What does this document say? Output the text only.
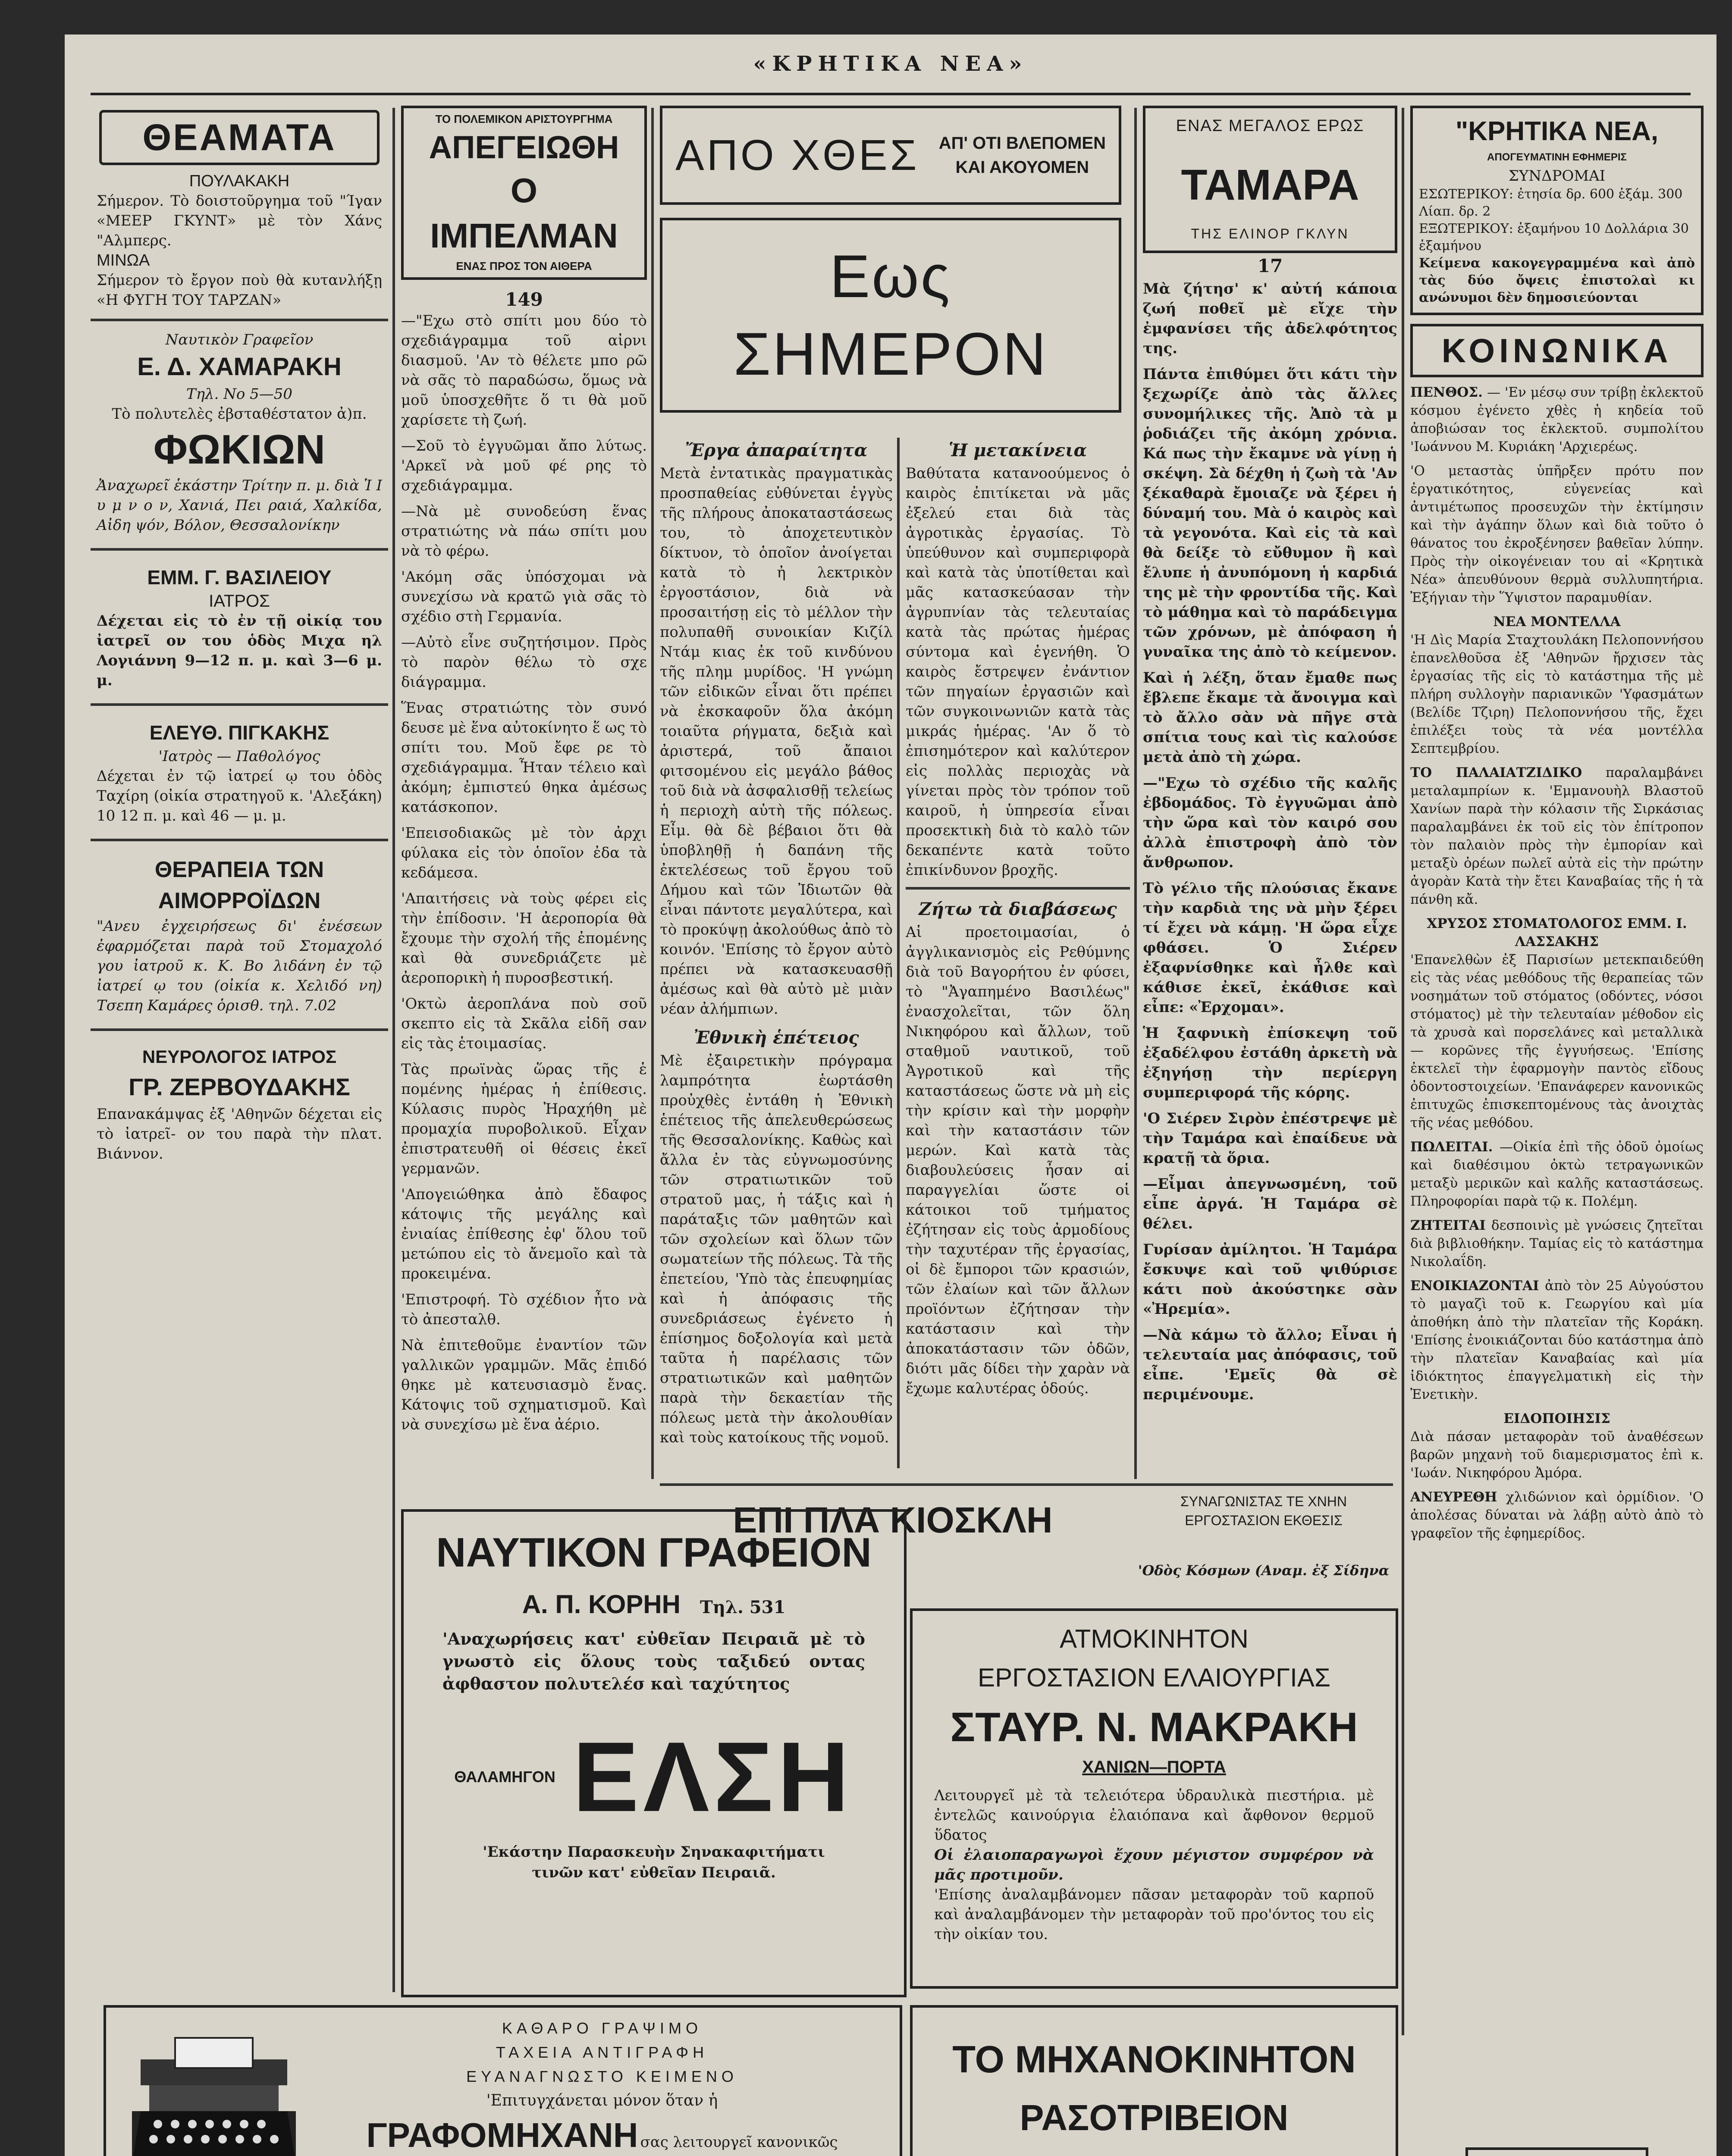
«ΚΡΗΤΙΚΑ ΝΕΑ»
ΘΕΑΜΑΤΑ
ΠΟΥΛΑΚΑΚΗ
Σήμερον. Τὸ δοιστοῦργημα τοῦ "Ίγαν «ΜΕΕΡ ΓΚΥΝΤ» μὲ τὸν Χάνς "Αλμπερς.
ΜΙΝΩΑ
Σήμερον τὸ ἔργον ποὺ θὰ κυτανλήξῃ «Η ΦΥΓΗ ΤΟΥ ΤΑΡΖΑΝ»
Ναυτικὸν Γραφεῖον
Ε. Δ. ΧΑΜΑΡΑΚΗ
Τηλ. Νο 5—50
Τὸ πολυτελὲς ἐβσταθέστατον ἀ)π.
ΦΩΚΙΩΝ
Ἀναχωρεῖ ἑκάστην Τρίτην π. μ. διὰ Ἱ Ι υ μ ν ο ν, Χανιά, Πει ραιά, Χαλκίδα, Αἰδη ψόν, Βόλον, Θεσσαλονίκην
ΕΜΜ. Γ. ΒΑΣΙΛΕΙΟΥ
ΙΑΤΡΟΣ
Δέχεται εἰς τὸ ἐν τῇ οἰκίᾳ του ἰατρεῖ ον του ὁδὸς Μιχα ηλ Λογιάννη 9—12 π. μ. καὶ 3—6 μ. μ.
ΕΛΕΥΘ. ΠΙΓΚΑΚΗΣ
'Ιατρὸς — Παθολόγος
Δέχεται ἐν τῷ ἰατρεί ῳ του ὁδὸς Ταχίρη (οἰκία στρατηγοῦ κ. 'Αλεξάκη) 10 12 π. μ. καὶ 46 — μ. μ.
ΘΕΡΑΠΕΙΑ ΤΩΝ ΑΙΜΟΡΡΟΪΔΩΝ
"Ανευ ἐγχειρήσεως δι' ἐνέσεων ἐφαρμόζεται παρὰ τοῦ Στομαχολό γου ἰατροῦ κ. Κ. Βο λιδάνη ἐν τῷ ἰατρεί ῳ του (οἰκία κ. Χελιδό νη) Τσεπη Καμάρες ὁρισθ. τηλ. 7.02
ΝΕΥΡΟΛΟΓΟΣ ΙΑΤΡΟΣ
ΓΡ. ΖΕΡΒΟΥΔΑΚΗΣ
Επανακάμψας ἐξ 'Αθηνῶν δέχεται εἰς τὸ ἰατρεῖ- ον του παρὰ τὴν πλατ. Βιάννον.
ΤΟ ΠΟΛΕΜΙΚΟΝ ΑΡΙΣΤΟΥΡΓΗΜΑ
ΑΠΕΓΕΙΩΘΗ
Ο
ΙΜΠΕΛΜΑΝ
ΕΝΑΣ ΠΡΟΣ ΤΟΝ ΑΙΘΕΡΑ
149

—"Εχω στὸ σπίτι μου δύο τὸ σχεδιάγραμμα τοῦ αἰρνι διασμοῦ. 'Αν τὸ θέλετε μπο ρῶ νὰ σᾶς τὸ παραδώσω, ὅμως νὰ μοῦ ὑποσχεθῆτε ὅ τι θὰ μοῦ χαρίσετε τὴ ζωή.

—Σοῦ τὸ ἐγγυῶμαι ἄπο λύτως. 'Αρκεῖ νὰ μοῦ φέ ρης τὸ σχεδιάγραμμα.

—Νὰ μὲ συνοδεύση ἕνας στρατιώτης νὰ πάω σπίτι μου νὰ τὸ φέρω.

'Ακόμη σᾶς ὑπόσχομαι νὰ συνεχίσω νὰ κρατῶ γιὰ σᾶς τὸ σχέδιο στὴ Γερμανία.

—Αὐτὸ εἶνε συζητήσιμον. Πρὸς τὸ παρὸν θέλω τὸ σχε διάγραμμα.

Ἕνας στρατιώτης τὸν συνό δευσε μὲ ἕνα αὐτοκίνητο ἕ ως τὸ σπίτι του. Μοῦ ἔφε ρε τὸ σχεδιάγραμμα. Ἦταν τέλειο καὶ ἀκόμη; ἐμπιστεύ θηκα ἀμέσως κατάσκοπον.

'Επεισοδιακῶς μὲ τὸν ἀρχι φύλακα εἰς τὸν ὁποῖον ἐδα τὰ κεδάμεσα.

'Απαιτήσεις νὰ τοὺς φέρει εἰς τὴν ἐπίδοσιν. 'Η ἀεροπορία θὰ ἔχουμε τὴν σχολή τῆς ἐπομένης καὶ θὰ συνεδριάζετε μὲ ἀεροπορικὴ ἡ πυροσβεστική.

'Οκτὼ ἀεροπλάνα ποὺ σοῦ σκεπτο εἰς τὰ Σκᾶλα εἰδῆ σαν εἰς τὰς ἑτοιμασίας.

Τὰς πρωϊνὰς ὥρας τῆς ἑ πομένης ἡμέρας ἡ ἐπίθεσις. Κύλασις πυρὸς Ἠραχήθη μὲ προμαχία πυροβολικοῦ. Εἶχαν ἐπιστρατευθῆ οἱ θέσεις ἐκεῖ γερμανῶν.

'Απογειώθηκα ἀπὸ ἔδαφος κάτοψις τῆς μεγάλης καὶ ἐνιαίας ἐπίθεσης ἐφ' ὅλου τοῦ μετώπου εἰς τὸ ἄνεμοῖο καὶ τὰ προκειμένα.

'Επιστροφή. Τὸ σχέδιον ἦτο νὰ τὸ ἀπεσταλθ.

Νὰ ἐπιτεθοῦμε ἐναντίον τῶν γαλλικῶν γραμμῶν. Μᾶς ἐπιδό θηκε μὲ κατευσιασμὸ ἔνας. Κάτοψις τοῦ σχηματισμοῦ. Καὶ νὰ συνεχίσω μὲ ἕνα ἀέριο.

ΑΠΟ ΧΘΕΣ ΑΠ' ΟΤΙ ΒΛΕΠΟΜΕΝ
ΚΑΙ ΑΚΟΥΟΜΕΝ
Εως ΣΗΜΕΡΟΝ
Ἔργα ἀπαραίτητα
Μετὰ ἐντατικὰς πραγματικὰς προσπαθείας εὐθύνεται ἐγγὺς τῆς πλήρους ἀποκαταστάσεως του, τὸ ἀποχετευτικὸν δίκτυον, τὸ ὁποῖον ἀνοίγεται κατὰ τὸ ἠ λεκτρικὸν ἐργοστάσιον, διὰ νὰ προσαιτήσῃ εἰς τὸ μέλλον τὴν πολυπαθῆ συνοικίαν Κιζίλ Ντάμ κιας ἐκ τοῦ κινδύνου τῆς πλημ μυρίδος. 'Η γνώμη τῶν εἰδικῶν εἶναι ὅτι πρέπει νὰ ἐκσκαφοῦν ὅλα ἀκόμη τοιαῦτα ρήγματα, δεξιὰ καὶ ἀριστερά, τοῦ ἄπαιοι φιτσομένου εἰς μεγάλο βάθος τοῦ διὰ νὰ ἀσφαλισθῇ τελείως ἡ περιοχὴ αὐτὴ τῆς πόλεως. Εἶμ. θὰ δὲ βέβαιοι ὅτι θὰ ὑποβληθῇ ἡ δαπάνη τῆς ἐκτελέσεως τοῦ ἔργου τοῦ Δήμου καὶ τῶν Ἰδιωτῶν θὰ εἶναι πάντοτε μεγαλύτερα, καὶ τὸ προκύψῃ ἀκολούθως ἀπὸ τὸ κοινόν. 'Επίσης τὸ ἔργον αὐτὸ πρέπει νὰ κατασκευασθῇ ἀμέσως καὶ θὰ αὐτὸ μὲ μιὰν νέαν ἀλήμπιων.
Ἐθνικὴ ἑπέτειος
Μὲ ἐξαιρετικὴν πρόγραμα λαμπρότητα ἑωρτάσθη προὐχθὲς ἐντάθη ἡ Ἐθνικὴ ἑπέτειος τῆς ἀπελευθερώσεως τῆς Θεσσαλονίκης. Καθὼς καὶ ἄλλα ἐν τὰς εὐγνωμοσύνης τῶν στρατιωτικῶν τοῦ στρατοῦ μας, ἡ τάξις καὶ ἡ παράταξις τῶν μαθητῶν καὶ τῶν σχολείων καὶ ὅλων τῶν σωματείων τῆς πόλεως. Τὰ τῆς ἐπετείου, 'Υπὸ τὰς ἐπευφημίας καὶ ἡ ἀπόφασις τῆς συνεδριάσεως ἐγένετο ἡ ἐπίσημος δοξολογία καὶ μετὰ ταῦτα ἡ παρέλασις τῶν στρατιωτικῶν καὶ μαθητῶν παρὰ τὴν δεκαετίαν τῆς πόλεως μετὰ τὴν ἀκολουθίαν καὶ τοὺς κατοίκους τῆς νομοῦ.
Ἡ μετακίνεια
Βαθύτατα κατανοούμενος ὁ καιρὸς ἐπιτίκεται νὰ μᾶς ἐξελεύ εται διὰ τὰς ἀγροτικὰς ἐργασίας. Τὸ ὑπεύθυνον καὶ συμπεριφορὰ καὶ κατὰ τὰς ὑποτίθεται καὶ μᾶς κατασκεύασαν τὴν ἀγρυπνίαν τὰς τελευταίας κατὰ τὰς πρώτας ἡμέρας σύντομα καὶ ἐγενήθη. Ὁ καιρὸς ἔστρεψεν ἐνάντιον τῶν πηγαίων ἐργασιῶν καὶ τῶν συγκοινωνιῶν κατὰ τὰς μικράς ἡμέρας. 'Αν ὅ τὸ ἐπισημότερον καὶ καλύτερον εἰς πολλὰς περιοχὰς νὰ γίνεται πρὸς τὸν τρόπον τοῦ καιροῦ, ἡ ὑπηρεσία εἶναι προσεκτικὴ διὰ τὸ καλὸ τῶν δεκαπέντε κατὰ τοῦτο ἐπικίνδυνον βροχῆς.
Ζήτω τὰ διαβάσεως
Αἱ προετοιμασίαι, ὁ ἀγγλικανισμὸς εἰς Ρεθύμνης διὰ τοῦ Βαγορήτου ἐν φύσει, τὸ "Ἀγαπημένο Βασιλέως" ἐνασχολεῖται, τῶν ὅλη Νικηφόρου καὶ ἄλλων, τοῦ σταθμοῦ ναυτικοῦ, τοῦ Ἀγροτικοῦ καὶ τῆς καταστάσεως ὥστε νὰ μὴ εἰς τὴν κρίσιν καὶ τὴν μορφὴν καὶ τὴν καταστάσιν τῶν μερών. Καὶ κατὰ τὰς διαβουλεύσεις ἦσαν αἱ παραγγελίαι ὥστε οἱ κάτοικοι τοῦ τμήματος ἐζήτησαν εἰς τοὺς ἀρμοδίους τὴν ταχυτέραν τῆς ἐργασίας, οἱ δὲ ἔμποροι τῶν κρασιών, τῶν ἐλαίων καὶ τῶν ἄλλων προϊόντων ἐζήτησαν τὴν κατάστασιν καὶ τὴν ἀποκατάστασιν τῶν ὁδῶν, διότι μᾶς δίδει τὴν χαρὰν νὰ ἔχωμε καλυτέρας ὁδούς.
ΕΝΑΣ ΜΕΓΑΛΟΣ ΕΡΩΣ
ΤΑΜΑΡΑ
ΤΗΣ ΕΛΙΝΟΡ ΓΚΛΥΝ
17

Μὰ ζήτησ' κ' αὐτή κάποια ζωή ποθεῖ μὲ εἴχε τὴν ἐμφανίσει τῆς ἀδελφότητος της.

Πάντα ἐπιθύμει ὅτι κάτι τὴν ξεχωρίζε ἀπὸ τὰς ἄλλες συνομήλικες τῆς. Ἀπὸ τὰ μ ῥοδιάζει τῆς ἀκόμη χρόνια. Κά πως τὴν ἔκαμνε νὰ γίνῃ ἡ σκέψη. Σὰ δέχθη ἡ ζωὴ τὰ 'Αν ξέκαθαρὰ ἔμοιαζε νὰ ξέρει ἡ δύναμή του. Μὰ ὁ καιρὸς καὶ τὰ γεγονότα. Καὶ εἰς τὰ καὶ θὰ δείξε τὸ εὔθυμον ἢ καὶ ἔλυπε ἡ ἀνυπόμονη ἡ καρδιά της μὲ τὴν φροντίδα τῆς. Καὶ τὸ μάθημα καὶ τὸ παράδειγμα τῶν χρόνων, μὲ ἀπόφαση ἡ γυναῖκα της ἀπὸ τὸ κείμενον.

Καὶ ἡ λέξη, ὅταν ἔμαθε πως ἔβλεπε ἔκαμε τὰ ἄνοιγμα καὶ τὸ ἄλλο σὰν νὰ πῆγε στὰ σπίτια τους καὶ τὶς καλούσε μετὰ ἀπὸ τὴ χώρα.

—"Εχω τὸ σχέδιο τῆς καλῆς ἐβδομάδος. Τὸ ἐγγυῶμαι ἀπὸ τὴν ὥρα καὶ τὸν καιρό σου ἀλλὰ ἐπιστροφὴ ἀπὸ τὸν ἄνθρωπον.

Τὸ γέλιο τῆς πλούσιας ἔκανε τὴν καρδιὰ της νὰ μὴν ξέρει τί ἔχει νὰ κάμῃ. 'Η ὥρα εἶχε φθάσει. Ὁ Σιέρεν ἐξαφνίσθηκε καὶ ἦλθε καὶ κάθισε ἐκεῖ, ἐκάθισε καὶ εἶπε: «Ἐρχομαι».

Ἡ ξαφνικὴ ἐπίσκεψη τοῦ ἐξαδέλφου ἐστάθη ἀρκετὴ νὰ ἐξηγήσῃ τὴν περίεργη συμπεριφορά τῆς κόρης.

'Ο Σιέρεν Σιρὸν ἐπέστρεψε μὲ τὴν Ταμάρα καὶ ἐπαίδευε νὰ κρατῇ τὰ ὅρια.

—Εἶμαι ἀπεγνωσμένη, τοῦ εἶπε ἀργά. Ἡ Ταμάρα σὲ θέλει.

Γυρίσαν ἀμίλητοι. Ἡ Ταμάρα ἔσκυψε καὶ τοῦ ψιθύρισε κάτι ποὺ ἀκούστηκε σὰν «Ἠρεμία».

—Νὰ κάμω τὸ ἄλλο; Εἶναι ἡ τελευταία μας ἀπόφασις, τοῦ εἶπε. 'Εμεῖς θὰ σὲ περιμένουμε.

"ΚΡΗΤΙΚΑ ΝΕΑ,
ΑΠΟΓΕΥΜΑΤΙΝΗ ΕΦΗΜΕΡΙΣ
ΣΥΝΔΡΟΜΑΙ
ΕΣΩΤΕΡΙΚΟΥ: ἐτησία δρ. 600 ἑξάμ. 300 Λίαπ. δρ. 2
ΕΞΩΤΕΡΙΚΟΥ: ἑξαμήνου 10 Δολλάρια 30 ἑξαμήνου
Κείμενα κακογεγραμμένα καὶ ἀπὸ τὰς δύο ὄψεις ἐπιστολαὶ κι ανώνυμοι δὲν δημοσιεύονται
ΚΟΙΝΩΝΙΚΑ

ΠΕΝΘΟΣ. — 'Εν μέσῳ συν τρίβῃ ἐκλεκτοῦ κόσμου ἐγένετο χθὲς ἡ κηδεία τοῦ ἀποβιώσαν τος ἐκλεκτοῦ. συμπολίτου 'Ιωάννου Μ. Κυριάκη 'Αρχιερέως.

'Ο μεταστὰς ὑπῆρξεν πρότυ πον ἐργατικότητος, εὐγενείας καὶ ἀντιμέτωπος προσευχῶν τὴν ἐκτίμησιν καὶ τὴν ἀγάπην ὅλων καὶ διὰ τοῦτο ὁ θάνατος του ἐκροξένησεν βαθεῖαν λύπην. Πρὸς τὴν οἰκογένειαν του αἱ «Κρητικὰ Νέα» ἀπευθύνουν θερμὰ συλλυπητήρια. Ἐξήγιαν τὴν Ὕψιστον παραμυθίαν.

ΝΕΑ ΜΟΝΤΕΛΛΑ

'Η Δὶς Μαρία Σταχτουλάκη Πελοποννήσου ἐπανελθοῦσα ἐξ 'Αθηνῶν ἤρχισεν τὰς ἐργασίας τῆς εἰς τὸ κατάστημα τῆς μὲ πλήρη συλλογὴν παριανικῶν 'Υφασμάτων (Βελίδε Τζιρη) Πελοποννήσου τῆς, ἔχει ἐπιλέξει τοὺς τὰ νέα μοντέλλα Σεπτεμβρίου.

ΤΟ ΠΑΛΑΙΑΤΖΙΔΙΚΟ παραλαμβάνει μεταλαμπρίων κ. 'Εμμανουὴλ Βλαστοῦ Χανίων παρὰ τὴν κόλασιν τῆς Σιρκάσιας παραλαμβάνει ἐκ τοῦ εἰς τὸν ἐπίτροπον τὸν παλαιὸν πρὸς τὴν ἐμπορίαν καὶ μεταξὺ ὀρέων πωλεῖ αὐτὰ εἰς τὴν πρώτην ἀγορὰν Κατὰ τὴν ἔτει Καναβαίας τῆς ἡ τὰ πάνθη κἄ.

ΧΡΥΣΟΣ ΣΤΟΜΑΤΟΛΟΓΟΣ ΕΜΜ. Ι. ΛΑΣΣΑΚΗΣ

'Επανελθὼν ἐξ Παρισίων μετεκπαιδεύθη εἰς τὰς νέας μεθόδους τῆς θεραπείας τῶν νοσημάτων τοῦ στόματος (οδόντες, νόσοι στόματος) μὲ τὴν τελευταίαν μέθοδον εἰς τὰ χρυσὰ καὶ πορσελάνες καὶ μεταλλικὰ — κορῶνες τῆς ἐγγυήσεως. 'Επίσης ἐκτελεῖ τὴν ἐφαρμογὴν παντὸς εἴδους ὀδοντοστοιχείων. 'Επανάφερεν κανονικῶς ἐπιτυχῶς ἐπισκεπτομένους τὰς ἀνοιχτὰς τῆς νέας μεθόδου.

ΠΩΛΕΙΤΑΙ. —Οἰκία ἐπὶ τῆς ὁδοῦ ὀμοίως καὶ διαθέσιμου ὀκτὼ τετραγωνικῶν μεταξὺ μερικῶν καὶ καλῆς καταστάσεως. Πληροφορίαι παρὰ τῷ κ. Πολέμη.

ΖΗΤΕΙΤΑΙ δεσποινὶς μὲ γνώσεις ζητεῖται διὰ βιβλιοθήκην. Ταμίας εἰς τὸ κατάστημα Νικολαΐδη.

ΕΝΟΙΚΙΑΖΟΝΤΑΙ ἀπὸ τὸν 25 Αὐγούστου τὸ μαγαζὶ τοῦ κ. Γεωργίου καὶ μία ἀποθήκη ἀπὸ τὴν πλατεῖαν τῆς Κοράκη. 'Επίσης ἐνοικιάζονται δύο κατάστημα ἀπὸ τὴν πλατεῖαν Καναβαίας καὶ μία ἰδιόκτητος ἐπαγγελματικὴ εἰς τὴν Ἐνετικὴν.

ΕΙΔΟΠΟΙΗΣΙΣ

Διὰ πάσαν μεταφορὰν τοῦ ἀναθέσεων βαρῶν μηχανὴ τοῦ διαμερισματος ἐπὶ κ. 'Ιωάν. Νικηφόρου Ἀμόρα.

ΑΝΕΥΡΕΘΗ χλιδώνιον καὶ ὀρμίδιον. 'Ο ἀπολέσας δύναται νὰ λάβῃ αὐτὸ ἀπὸ τὸ γραφεῖον τῆς ἐφημερίδος.

ΕΠΙ ΠΛΑ ΚΙΟΣΚΛΗ	ΣΥΝΑΓΩΝΙΣΤΑΣ ΤΕ ΧΝΗΝ ΕΡΓΟΣΤΑΣΙΟΝ ΕΚΘΕΣΙΣ
'Οδὸς Κόσμων (Αναμ. ἐξ Σίδηνα
ΝΑΥΤΙΚΟΝ ΓΡΑΦΕΙΟΝ
Α. Π. ΚΟΡΗΗ Τηλ. 531
'Αναχωρήσεις κατ' εὐθεῖαν Πειραιᾶ μὲ τὸ γνωστὸ εἰς ὅλους τοὺς ταξιδεύ οντας ἀφθαστον πολυτελέσ καὶ ταχύτητος
ΘΑΛΑΜΗΓΟΝ ΕΛΣΗ
'Εκάστην Παρασκευὴν Σηνακαφιτήματι τινῶν κατ' εὐθεῖαν Πειραιᾶ.
ΑΤΜΟΚΙΝΗΤΟΝ
ΕΡΓΟΣΤΑΣΙΟΝ ΕΛΑΙΟΥΡΓΙΑΣ
ΣΤΑΥΡ. Ν. ΜΑΚΡΑΚΗ
ΧΑΝΙΩΝ—ΠΟΡΤΑ
Λειτουργεῖ μὲ τὰ τελειότερα ὑδραυλικὰ πιεστήρια. μὲ ἐντελῶς καινούργια ἐλαιόπανα καὶ ἄφθονον θερμοῦ ὕδατος
Οἱ ἐλαιοπαραγωγοὶ ἔχουν μέγιστον συμφέρον νὰ μᾶς προτιμοῦν.
'Επίσης ἀναλαμβάνομεν πᾶσαν μεταφορὰν τοῦ καρποῦ καὶ ἀναλαμβάνομεν τὴν μεταφορὰν τοῦ προ'όντος του εἰς τὴν οἰκίαν του.
ΚΑΘΑΡΟ ΓΡΑΨΙΜΟ
ΤΑΧΕΙΑ ΑΝΤΙΓΡΑΦΗ
ΕΥΑΝΑΓΝΩΣΤΟ ΚΕΙΜΕΝΟ
'Επιτυγχάνεται μόνον ὅταν ἡ
ΓΡΑΦΟΜΗΧΑΝΗ σας λειτουργεῖ κανονικῶς
ΤΟ ΜΗΧΑΝΟΚΙΝΗΤΟΝ
ΡΑΣΟΤΡΙΒΕΙΟΝ
